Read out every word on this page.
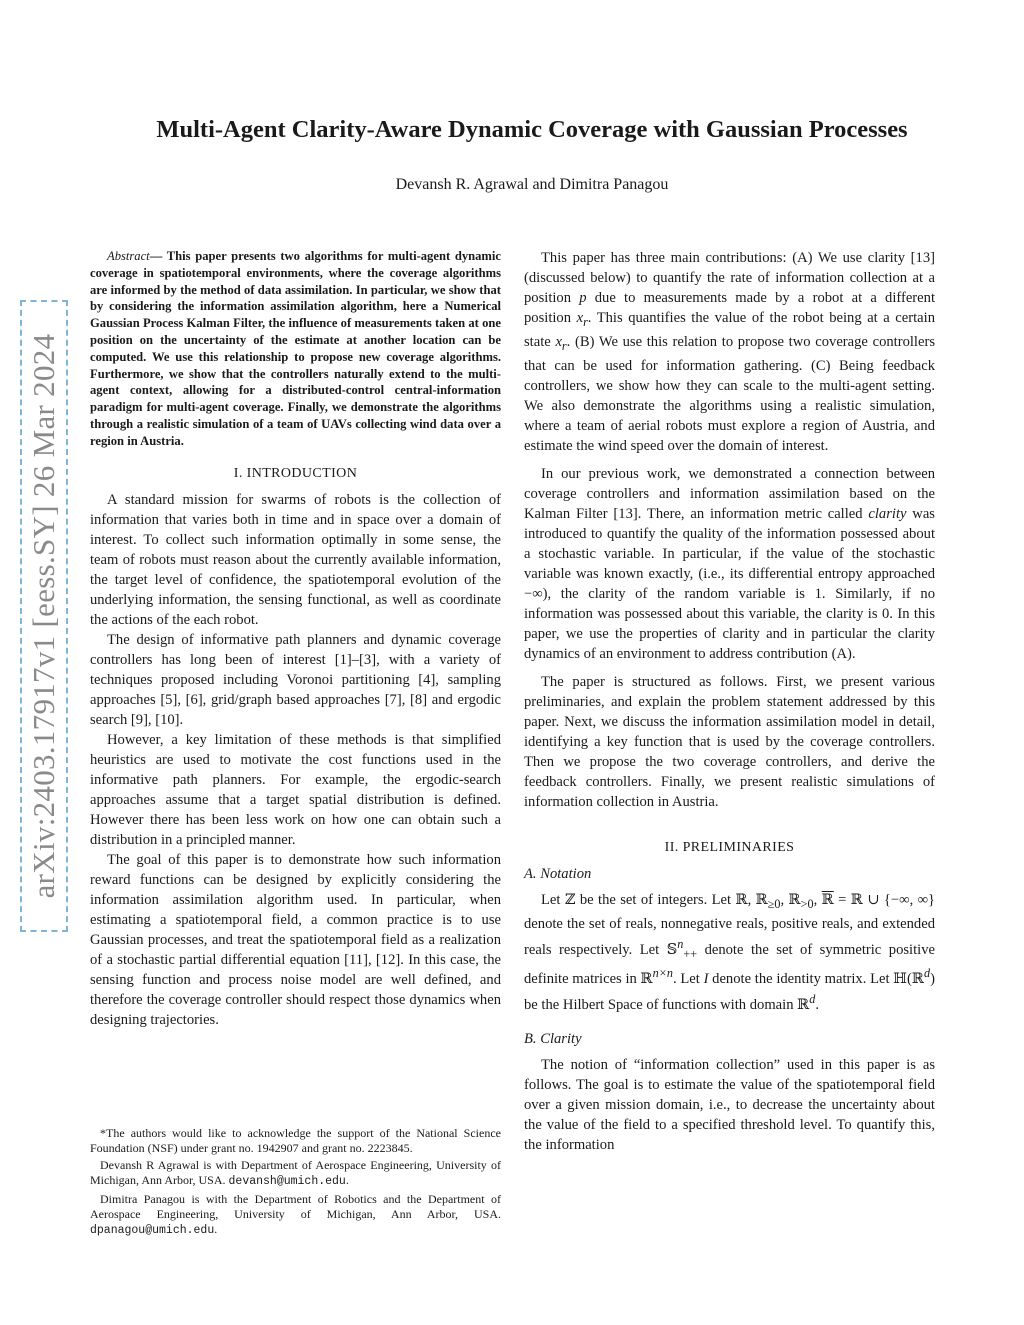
arXiv:2403.17917v1 [eess.SY] 26 Mar 2024
Multi-Agent Clarity-Aware Dynamic Coverage with Gaussian Processes
Devansh R. Agrawal and Dimitra Panagou

Abstract— This paper presents two algorithms for multi-agent dynamic coverage in spatiotemporal environments, where the coverage algorithms are informed by the method of data assimilation. In particular, we show that by considering the information assimilation algorithm, here a Numerical Gaussian Process Kalman Filter, the influence of measurements taken at one position on the uncertainty of the estimate at another location can be computed. We use this relationship to propose new coverage algorithms. Furthermore, we show that the controllers naturally extend to the multi-agent context, allowing for a distributed-control central-information paradigm for multi-agent coverage. Finally, we demonstrate the algorithms through a realistic simulation of a team of UAVs collecting wind data over a region in Austria.

I. INTRODUCTION

A standard mission for swarms of robots is the collection of information that varies both in time and in space over a domain of interest. To collect such information optimally in some sense, the team of robots must reason about the currently available information, the target level of confidence, the spatiotemporal evolution of the underlying information, the sensing functional, as well as coordinate the actions of the each robot.

The design of informative path planners and dynamic coverage controllers has long been of interest [1]–[3], with a variety of techniques proposed including Voronoi partitioning [4], sampling approaches [5], [6], grid/graph based approaches [7], [8] and ergodic search [9], [10].

However, a key limitation of these methods is that simplified heuristics are used to motivate the cost functions used in the informative path planners. For example, the ergodic-search approaches assume that a target spatial distribution is defined. However there has been less work on how one can obtain such a distribution in a principled manner.

The goal of this paper is to demonstrate how such information reward functions can be designed by explicitly considering the information assimilation algorithm used. In particular, when estimating a spatiotemporal field, a common practice is to use Gaussian processes, and treat the spatiotemporal field as a realization of a stochastic partial differential equation [11], [12]. In this case, the sensing function and process noise model are well defined, and therefore the coverage controller should respect those dynamics when designing trajectories.

*The authors would like to acknowledge the support of the National Science Foundation (NSF) under grant no. 1942907 and grant no. 2223845.

Devansh R Agrawal is with Department of Aerospace Engineering, University of Michigan, Ann Arbor, USA. devansh@umich.edu.

Dimitra Panagou is with the Department of Robotics and the Department of Aerospace Engineering, University of Michigan, Ann Arbor, USA. dpanagou@umich.edu.

This paper has three main contributions: (A) We use clarity [13] (discussed below) to quantify the rate of information collection at a position p due to measurements made by a robot at a different position $x_r$. This quantifies the value of the robot being at a certain state $x_r$. (B) We use this relation to propose two coverage controllers that can be used for information gathering. (C) Being feedback controllers, we show how they can scale to the multi-agent setting. We also demonstrate the algorithms using a realistic simulation, where a team of aerial robots must explore a region of Austria, and estimate the wind speed over the domain of interest.

In our previous work, we demonstrated a connection between coverage controllers and information assimilation based on the Kalman Filter [13]. There, an information metric called clarity was introduced to quantify the quality of the information possessed about a stochastic variable. In particular, if the value of the stochastic variable was known exactly, (i.e., its differential entropy approached −∞), the clarity of the random variable is 1. Similarly, if no information was possessed about this variable, the clarity is 0. In this paper, we use the properties of clarity and in particular the clarity dynamics of an environment to address contribution (A).

The paper is structured as follows. First, we present various preliminaries, and explain the problem statement addressed by this paper. Next, we discuss the information assimilation model in detail, identifying a key function that is used by the coverage controllers. Then we propose the two coverage controllers, and derive the feedback controllers. Finally, we present realistic simulations of information collection in Austria.

II. PRELIMINARIES
A. Notation

Let ℤ be the set of integers. Let ℝ, ℝ$_{\ge 0}$, ℝ$_{>0}$, ℝ = ℝ ∪ {−∞, ∞} denote the set of reals, nonnegative reals, positive reals, and extended reals respectively. Let 𝕊$^n_{++}$ denote the set of symmetric positive definite matrices in ℝ$^{n\times n}$. Let I denote the identity matrix. Let ℍ(ℝ$^d$) be the Hilbert Space of functions with domain ℝ$^d$.

B. Clarity

The notion of “information collection” used in this paper is as follows. The goal is to estimate the value of the spatiotemporal field over a given mission domain, i.e., to decrease the uncertainty about the value of the field to a specified threshold level. To quantify this, the information
